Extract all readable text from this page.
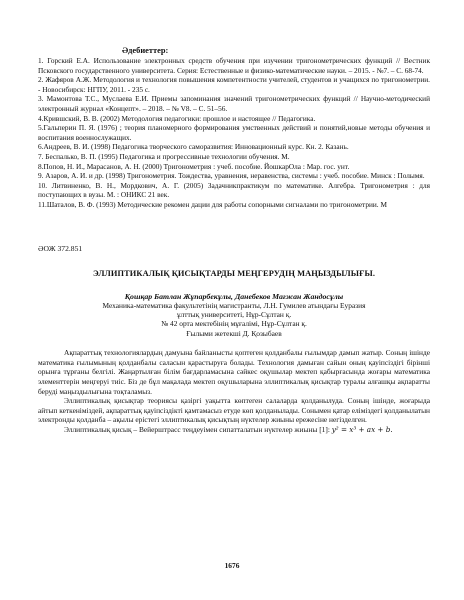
Әдебиеттер:

1. Горский Е.А. Использование электронных средств обучения при изучении тригонометрических функций // Вестник Псковского государственного университета. Серия: Естественные и физико-математические науки. – 2015. - №7. – С. 68-74.

2. Жафяров А.Ж. Методология и технология повышения компетентности учителей, студентов и учащихся по тригонометрии. - Новосибирск: НГПУ, 2011. - 235 с.

3. Мамонтова Т.С., Муслаева Е.И. Приемы запоминания значений тригонометрических функций // Научно-методический электронный журнал «Концепт». – 2018. – № V8. – С. 51–56.

4.Крившский, В. В. (2002) Методология педагогики: прошлое и настоящее // Педагогика.

5.Гальперин П. Я. (1976) ; теория планомерного формирования умственных действий и понятий,новые методы обучения и воспитания военнослужащих.

6.Андреев, В. И. (1998) Педагогика творческого саморазвития: Инновационный курс. Кн. 2. Казань.

7. Беспалько, В. П. (1995) Педагогика и прогрессивные технологии обучения. М.

8.Попов, Н. И., Марасанов, А. Н. (2000) Тригонометрия : учеб. пособие. ЙошкарОла : Мар. гос. унт.

9. Азаров, А. И. и др. (1998) Тригонометрия. Тождества, уравнения, неравенства, системы : учеб. пособие. Минск : Полымя.

10. Литвиненко, В. Н., Мордкович, А. Г. (2005) Задачникпрактикум по математике. Алгебра. Тригонометрия : для поступающих в вузы. М. : ОНИКС 21 век.

11.Шаталов, В. Ф. (1993) Методические рекомен дации для работы сопорными сигналами по тригонометрии. М

ӘОЖ 372.851
ЭЛЛИПТИКАЛЫҚ ҚИСЫҚТАРДЫ МЕҢГЕРУДІҢ МАҢЫЗДЫЛЫҒЫ.
Қошқар Батлан Жұпарбекұлы, Данебеков Мағжан Жандосұлы
Механика-математика факультетінің магистранты, Л.Н. Гумилев атындағы Еуразия
ұлттық университеті, Нұр-Сұлтан қ.
№ 42 орта мектебінің мұғалімі, Нұр-Сұлтан қ.
Ғылыми жетекші Д. Қозыбаев

Ақпараттық технологиялардың дамуына байланысты қоптеген қолданбалы ғылымдар дамып жатыр. Соның ішінде математика ғылымының қолданбалы саласын қарастыруға болады. Технология дамыған сайын оның қауіпсіздігі бірінші орынға тұрғаны белгілі. Жаңартылған білім бағдарламасына сәйкес оқушылар мектеп қабырғасында жоғары математика элементтерін меңгеруі тиіс. Біз де бұл мақалада мектеп оқушыларына эллиптикалық қисықтар туралы алғашқы ақпаратты беруді маңыздылығына тоқталамыз.

Эллиптикалық қисықтар теориясы қазіргі уақытта көптеген салаларда қолданылуда. Соның ішінде, жоғарыда айтып кеткеніміздей, ақпараттық қауіпсіздікті қамтамасыз етуде көп қолданылады. Сонымен қатар еліміздегі қолданылатын электронды қолданба – ақылы ерістегі эллиптикалық қисықтың нүктелер жиыны ережесіне негізделген.

Эллиптикалық қисық – Вейерштрасс теңдеуімен сипатталатын нүктелер жиыны [1]: y² = x³ + ax + b.

1676
